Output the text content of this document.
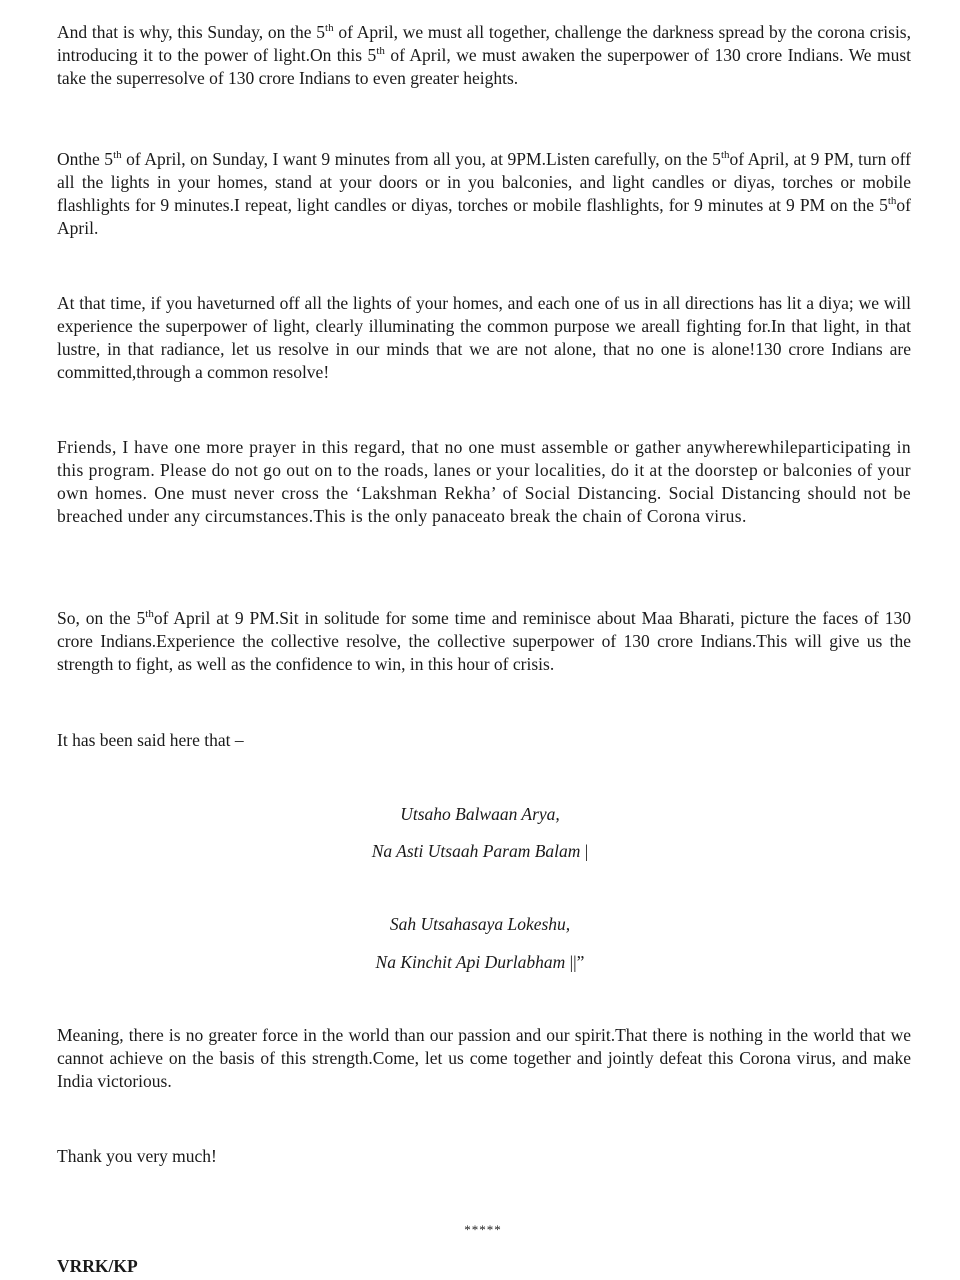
And that is why, this Sunday, on the 5th of April, we must all together, challenge the darkness spread by the corona crisis, introducing it to the power of light.On this 5th of April, we must awaken the superpower of 130 crore Indians. We must take the superresolve of 130 crore Indians to even greater heights.

Onthe 5th of April, on Sunday, I want 9 minutes from all you, at 9PM.Listen carefully, on the 5thof April, at 9 PM, turn off all the lights in your homes, stand at your doors or in you balconies, and light candles or diyas, torches or mobile flashlights for 9 minutes.I repeat, light candles or diyas, torches or mobile flashlights, for 9 minutes at 9 PM on the 5thof April.

At that time, if you haveturned off all the lights of your homes, and each one of us in all directions has lit a diya; we will experience the superpower of light, clearly illuminating the common purpose we areall fighting for.In that light, in that lustre, in that radiance, let us resolve in our minds that we are not alone, that no one is alone!130 crore Indians are committed,through a common resolve!

Friends, I have one more prayer in this regard, that no one must assemble or gather anywherewhileparticipating in this program. Please do not go out on to the roads, lanes or your localities, do it at the doorstep or balconies of your own homes. One must never cross the ‘Lakshman Rekha’ of Social Distancing. Social Distancing should not be breached under any circumstances.This is the only panaceato break the chain of Corona virus.

So, on the 5thof April at 9 PM.Sit in solitude for some time and reminisce about Maa Bharati, picture the faces of 130 crore Indians.Experience the collective resolve, the collective superpower of 130 crore Indians.This will give us the strength to fight, as well as the confidence to win, in this hour of crisis.

It has been said here that –

Utsaho Balwaan Arya,

Na Asti Utsaah Param Balam |

Sah Utsahasaya Lokeshu,

Na Kinchit Api Durlabham ||”

Meaning, there is no greater force in the world than our passion and our spirit.That there is nothing in the world that we cannot achieve on the basis of this strength.Come, let us come together and jointly defeat this Corona virus, and make India victorious.

Thank you very much!

*****
VRRK/KP
